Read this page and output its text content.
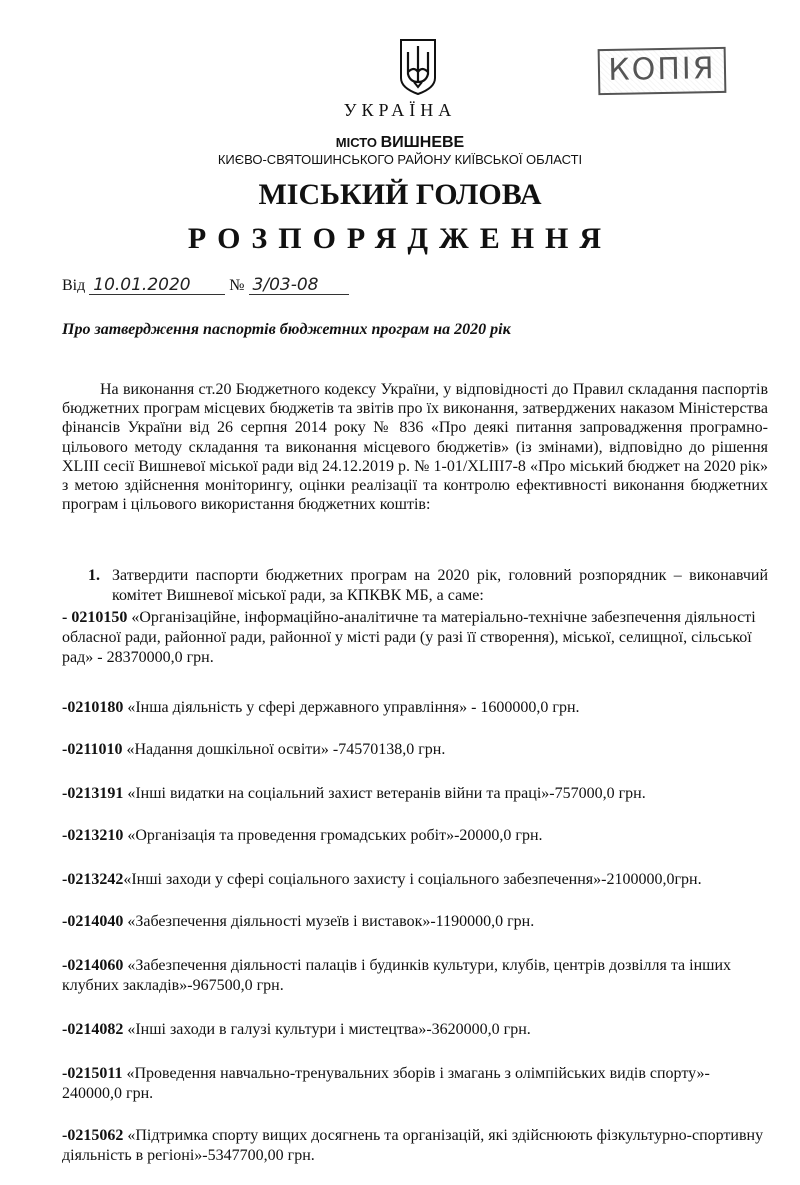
КОПІЯ
УКРАЇНА
МІСТО ВИШНЕВЕ
КИЄВО-СВЯТОШИНСЬКОГО РАЙОНУ КИЇВСЬКОЇ ОБЛАСТІ
МІСЬКИЙ ГОЛОВА
РОЗПОРЯДЖЕННЯ
Від 10.01.2020 № 3/03-08
Про затвердження паспортів бюджетних програм на 2020 рік
На виконання ст.20 Бюджетного кодексу України, у відповідності до Правил складання паспортів бюджетних програм місцевих бюджетів та звітів про їх виконання, затверджених наказом Міністерства фінансів України від 26 серпня 2014 року № 836 «Про деякі питання запровадження програмно-цільового методу складання та виконання місцевого бюджетів» (із змінами), відповідно до рішення XLIII сесії Вишневої міської ради від 24.12.2019 р. № 1-01/XLIII7-8 «Про міський бюджет на 2020 рік» з метою здійснення моніторингу, оцінки реалізації та контролю ефективності виконання бюджетних програм і цільового використання бюджетних коштів:
1. Затвердити паспорти бюджетних програм на 2020 рік, головний розпорядник – виконавчий комітет Вишневої міської ради, за КПКВК МБ, а саме:
- 0210150 «Організаційне, інформаційно-аналітичне та матеріально-технічне забезпечення діяльності обласної ради, районної ради, районної у місті ради (у разі її створення), міської, селищної, сільської рад» - 28370000,0 грн.
-0210180 «Інша діяльність у сфері державного управління» - 1600000,0 грн.
-0211010 «Надання дошкільної освіти» -74570138,0 грн.
-0213191 «Інші видатки на соціальний захист ветеранів війни та праці»-757000,0 грн.
-0213210 «Організація та проведення громадських робіт»-20000,0 грн.
-0213242«Інші заходи у сфері соціального захисту і соціального забезпечення»-2100000,0грн.
-0214040 «Забезпечення діяльності музеїв і виставок»-1190000,0 грн.
-0214060 «Забезпечення діяльності палаців і будинків культури, клубів, центрів дозвілля та інших клубних закладів»-967500,0 грн.
-0214082 «Інші заходи в галузі культури і мистецтва»-3620000,0 грн.
-0215011 «Проведення навчально-тренувальних зборів і змагань з олімпійських видів спорту»- 240000,0 грн.
-0215062 «Підтримка спорту вищих досягнень та організацій, які здійснюють фізкультурно-спортивну діяльність в регіоні»-5347700,00 грн.
